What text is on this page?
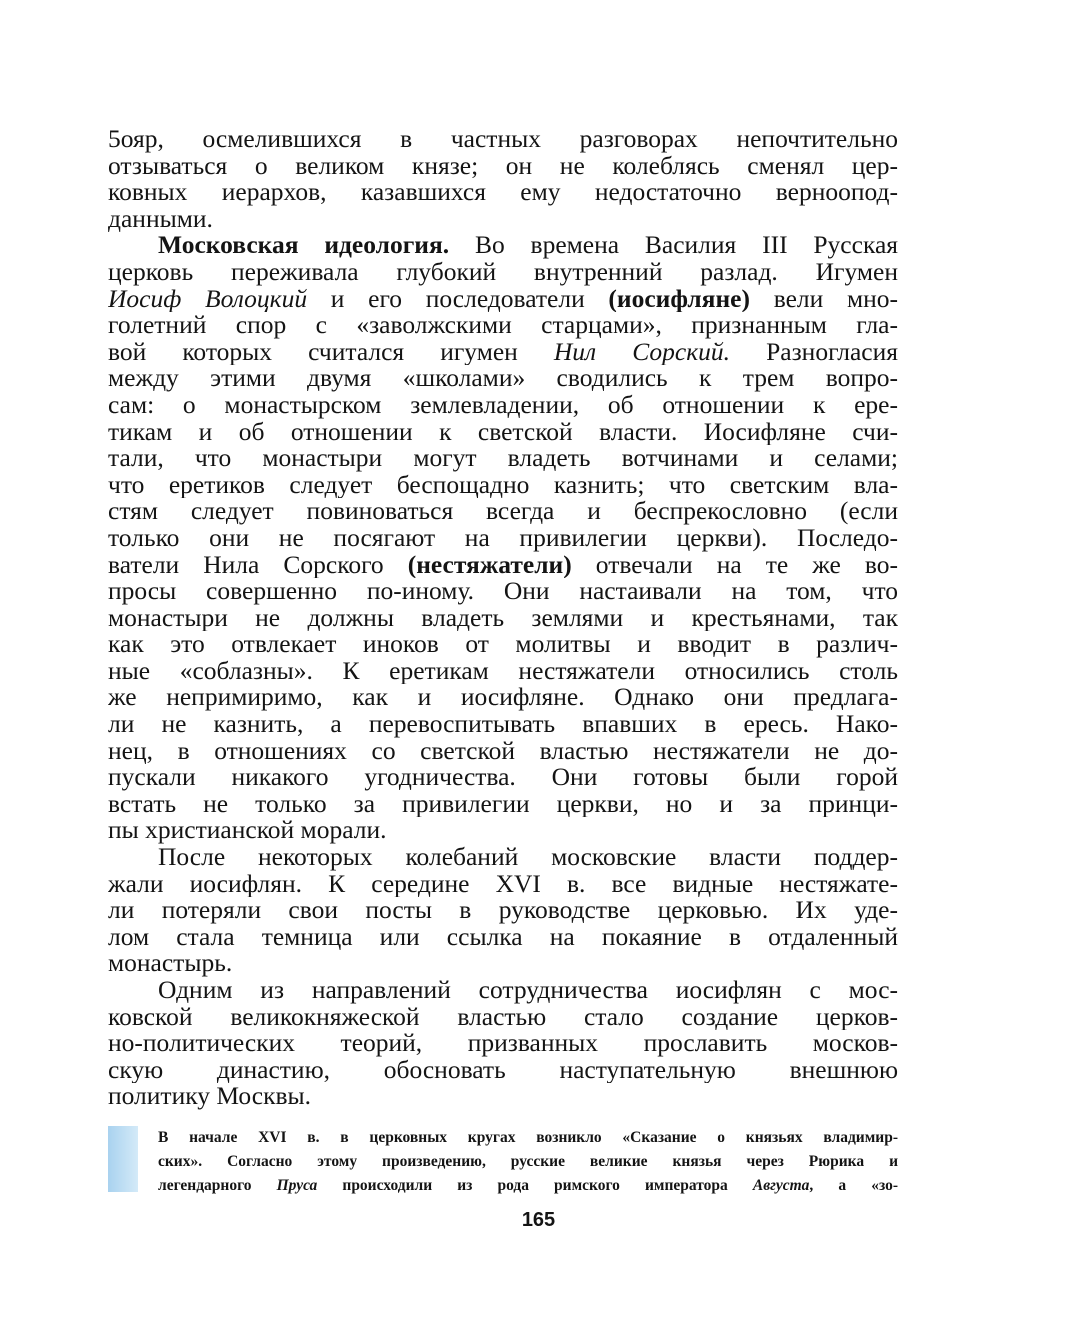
5ояр, осмелившихся в частных разговорах непочтительно
отзываться о великом князе; он не колеблясь сменял цер-
ковных иерархов, казавшихся ему недостаточно верноопод-
данными.
Московская идеология. Во времена Василия III Русская
церковь переживала глубокий внутренний разлад. Игумен
Иосиф Волоцкий и его последователи (иосифляне) вели мно-
голетний спор с «заволжскими старцами», признанным гла-
вой которых считался игумен Нил Сорский. Разногласия
между этими двумя «школами» сводились к трем вопро-
сам: о монастырском землевладении, об отношении к ере-
тикам и об отношении к светской власти. Иосифляне счи-
тали, что монастыри могут владеть вотчинами и селами;
что еретиков следует беспощадно казнить; что светским вла-
стям следует повиноваться всегда и беспрекословно (если
только они не посягают на привилегии церкви). Последо-
ватели Нила Сорского (нестяжатели) отвечали на те же во-
просы совершенно по-иному. Они настаивали на том, что
монастыри не должны владеть землями и крестьянами, так
как это отвлекает иноков от молитвы и вводит в различ-
ные «соблазны». К еретикам нестяжатели относились столь
же непримиримо, как и иосифляне. Однако они предлага-
ли не казнить, а перевоспитывать впавших в ересь. Нако-
нец, в отношениях со светской властью нестяжатели не до-
пускали никакого угодничества. Они готовы были горой
встать не только за привилегии церкви, но и за принци-
пы христианской морали.
После некоторых колебаний московские власти поддер-
жали иосифлян. К середине XVI в. все видные нестяжате-
ли потеряли свои посты в руководстве церковью. Их уде-
лом стала темница или ссылка на покаяние в отдаленный
монастырь.
Одним из направлений сотрудничества иосифлян с мос-
ковской великокняжеской властью стало создание церков-
но-политических теорий, призванных прославить москов-
скую династию, обосновать наступательную внешнюю
политику Москвы.
В начале XVI в. в церковных кругах возникло «Сказание о князьях владимир-
ских». Согласно этому произведению, русские великие князья через Рюрика и
легендарного Пруса происходили из рода римского императора Августа, а «зо-
165
